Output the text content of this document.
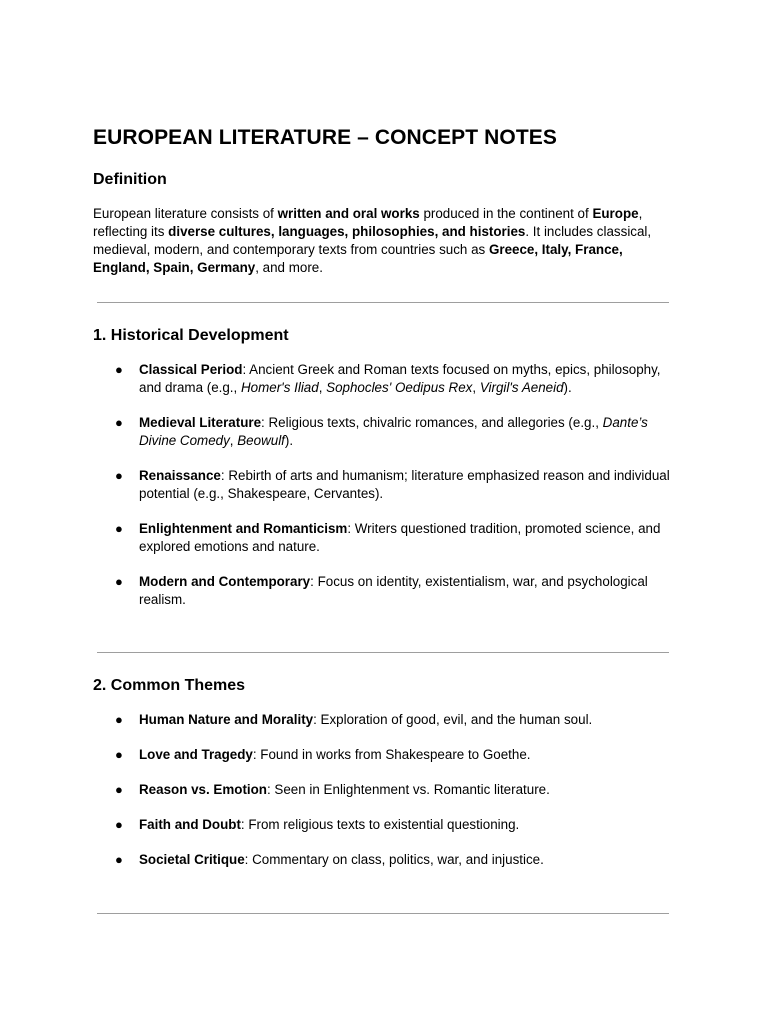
EUROPEAN LITERATURE – CONCEPT NOTES
Definition

European literature consists of written and oral works produced in the continent of Europe, reflecting its diverse cultures, languages, philosophies, and histories. It includes classical, medieval, modern, and contemporary texts from countries such as Greece, Italy, France, England, Spain, Germany, and more.

1. Historical Development
● Classical Period: Ancient Greek and Roman texts focused on myths, epics, philosophy, and drama (e.g., Homer's Iliad, Sophocles' Oedipus Rex, Virgil's Aeneid).
● Medieval Literature: Religious texts, chivalric romances, and allegories (e.g., Dante’s Divine Comedy, Beowulf).
● Renaissance: Rebirth of arts and humanism; literature emphasized reason and individual potential (e.g., Shakespeare, Cervantes).
● Enlightenment and Romanticism: Writers questioned tradition, promoted science, and explored emotions and nature.
● Modern and Contemporary: Focus on identity, existentialism, war, and psychological realism.
2. Common Themes
● Human Nature and Morality: Exploration of good, evil, and the human soul.
● Love and Tragedy: Found in works from Shakespeare to Goethe.
● Reason vs. Emotion: Seen in Enlightenment vs. Romantic literature.
● Faith and Doubt: From religious texts to existential questioning.
● Societal Critique: Commentary on class, politics, war, and injustice.
